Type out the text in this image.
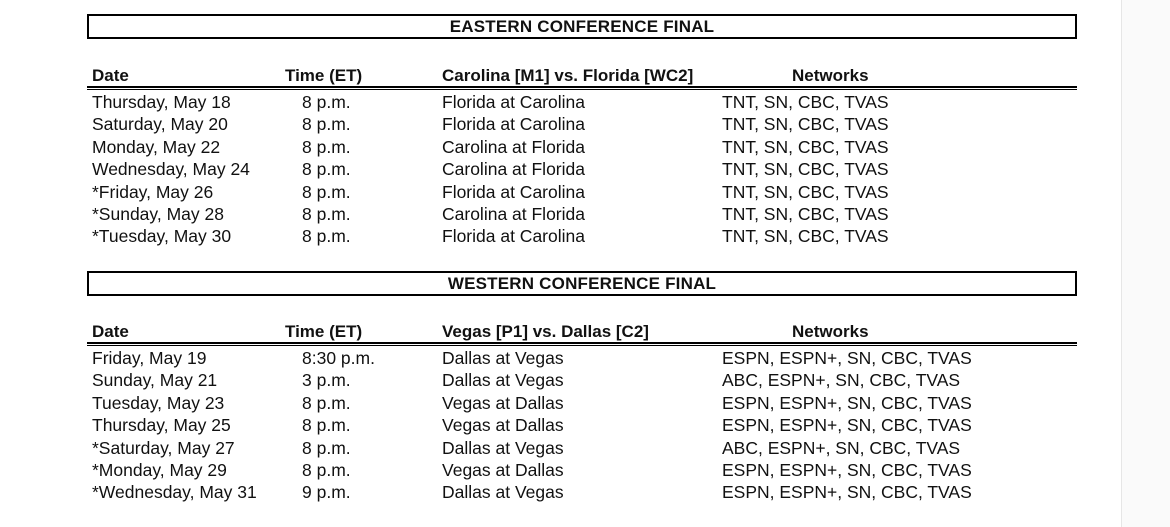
EASTERN CONFERENCE FINAL
Date	Time (ET)	Carolina [M1] vs. Florida [WC2]	Networks
Thursday, May 18	8 p.m.	Florida at Carolina	TNT, SN, CBC, TVAS
Saturday, May 20	8 p.m.	Florida at Carolina	TNT, SN, CBC, TVAS
Monday, May 22	8 p.m.	Carolina at Florida	TNT, SN, CBC, TVAS
Wednesday, May 24	8 p.m.	Carolina at Florida	TNT, SN, CBC, TVAS
*Friday, May 26	8 p.m.	Florida at Carolina	TNT, SN, CBC, TVAS
*Sunday, May 28	8 p.m.	Carolina at Florida	TNT, SN, CBC, TVAS
*Tuesday, May 30	8 p.m.	Florida at Carolina	TNT, SN, CBC, TVAS
WESTERN CONFERENCE FINAL
Date	Time (ET)	Vegas [P1] vs. Dallas [C2]	Networks
Friday, May 19	8:30 p.m.	Dallas at Vegas	ESPN, ESPN+, SN, CBC, TVAS
Sunday, May 21	3 p.m.	Dallas at Vegas	ABC, ESPN+, SN, CBC, TVAS
Tuesday, May 23	8 p.m.	Vegas at Dallas	ESPN, ESPN+, SN, CBC, TVAS
Thursday, May 25	8 p.m.	Vegas at Dallas	ESPN, ESPN+, SN, CBC, TVAS
*Saturday, May 27	8 p.m.	Dallas at Vegas	ABC, ESPN+, SN, CBC, TVAS
*Monday, May 29	8 p.m.	Vegas at Dallas	ESPN, ESPN+, SN, CBC, TVAS
*Wednesday, May 31	9 p.m.	Dallas at Vegas	ESPN, ESPN+, SN, CBC, TVAS
